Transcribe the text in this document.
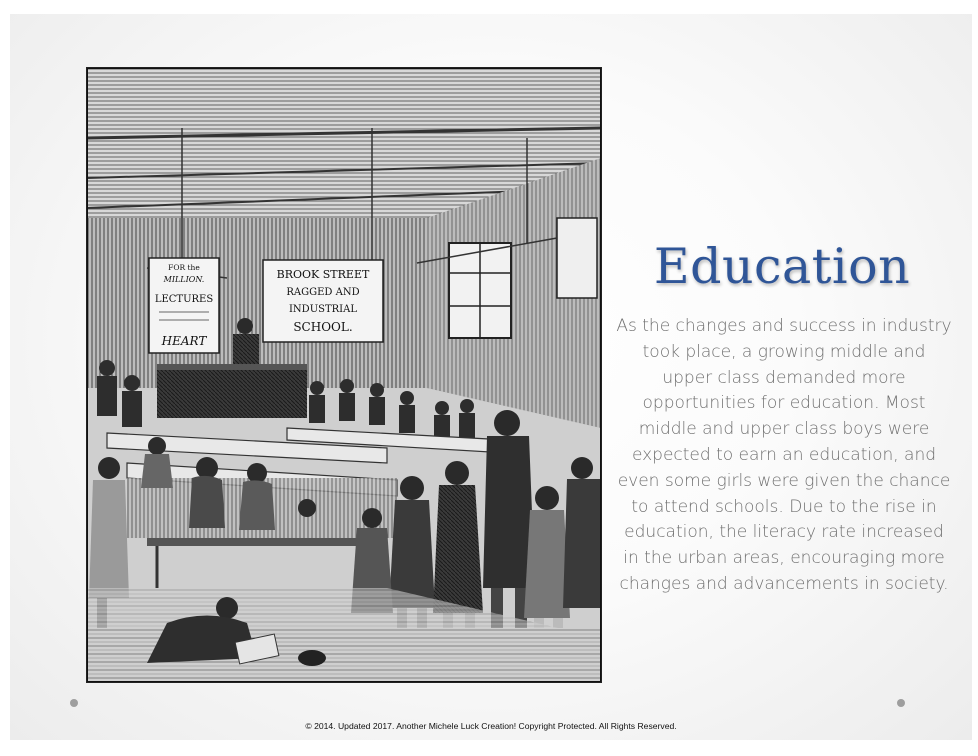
FOR the
MILLION.
LECTURES
HEART
BROOK STREET
RAGGED AND
INDUSTRIAL
SCHOOL.
Education
As the changes and success in industry took place, a growing middle and upper class demanded more opportunities for education. Most middle and upper class boys were expected to earn an education, and even some girls were given the chance to attend schools. Due to the rise in education, the literacy rate increased in the urban areas, encouraging more changes and advancements in society.
© 2014. Updated 2017. Another Michele Luck Creation! Copyright Protected. All Rights Reserved.
